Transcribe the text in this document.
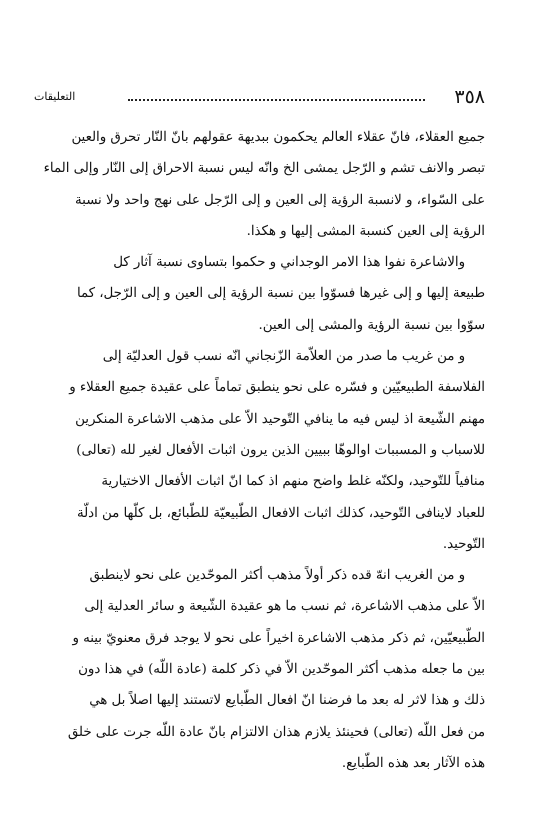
٣٥٨
التعليقات
جميع العقلاء، فانّ عقلاء العالم يحكمون ببديهة عقولهم بانّ النّار تحرق والعين
تبصر والانف تشم و الرّجل يمشى الخ وانّه ليس نسبة الاحراق إلى النّار وإلى الماء
على السّواء، و لانسبة الرؤية إلى العين و إلى الرّجل على نهج واحد ولا نسبة
الرؤية إلى العين كنسبة المشى إليها و هكذا.
والاشاعرة نفوا هذا الامر الوجداني و حكموا بتساوى نسبة آثار كل
طبيعة إليها و إلى غيرها فسوّوا بين نسبة الرؤية إلى العين و إلى الرّجل، كما
سوّوا بين نسبة الرؤية والمشى إلى العين.
و من غريب ما صدر من العلاّمة الزّنجاني انّه نسب قول العدليّة إلى
الفلاسفة الطبيعيّين و فسّره على نحو ينطبق تماماً على عقيدة جميع العقلاء و
مهنم الشّيعة اذ ليس فيه ما ينافي التّوحيد الاّ على مذهب الاشاعرة المنكرين
للاسباب و المسببات اوالوهّا ببيين الذين يرون اثبات الأفعال لغير لله (تعالى)
منافياً للتّوحيد، ولكنّه غلط واضح منهم اذ كما انّ اثبات الأفعال الاختيارية
للعباد لاينافى التّوحيد، كذلك اثبات الافعال الطّبيعيّة للطّبائع، بل كلّها من ادلّة
التّوحيد.
و من الغريب انهّ قده ذكر أولاً مذهب أكثر الموحّدين على نحو لاينطبق
الاّ على مذهب الاشاعرة، ثم نسب ما هو عقيدة الشّيعة و سائر العدلية إلى
الطّبيعيّين، ثم ذكر مذهب الاشاعرة اخيراً على نحو لا يوجد فرق معنويّ بينه و
بين ما جعله مذهب أكثر الموحّدين الاّ في ذكر كلمة (عادة اللّه) في هذا دون
ذلك و هذا لاثر له بعد ما فرضنا انّ افعال الطّبايع لاتستند إليها اصلاً بل هي
من فعل اللّه (تعالى) فحينئذ يلازم هذان الالتزام بانّ عادة اللّه جرت على خلق
هذه الآثار بعد هذه الطّبايع.
